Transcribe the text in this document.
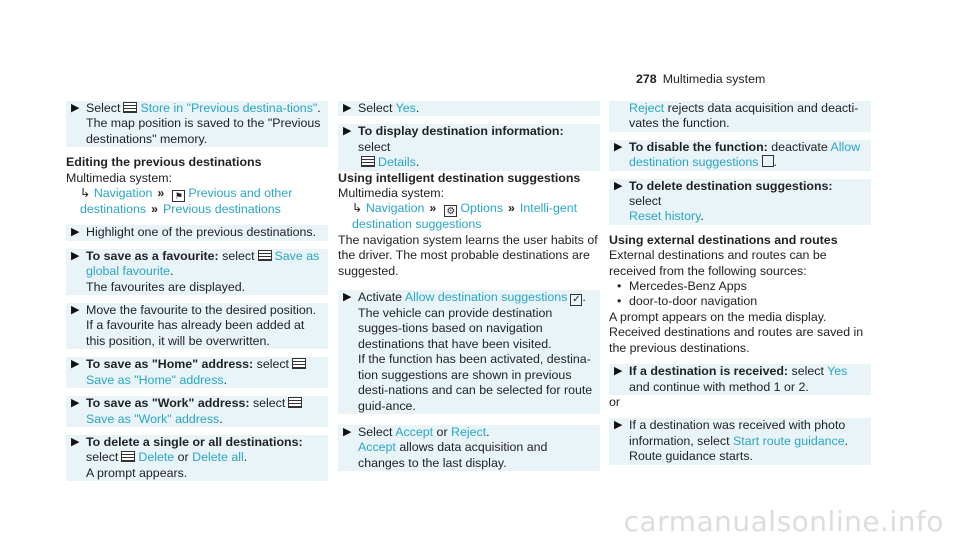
278 Multimedia system
▶ Select Store in "Previous destina-tions".
The map position is saved to the "Previous destinations" memory.
Editing the previous destinations
Multimedia system:
↳ Navigation » ⚑ Previous and other destinations » Previous destinations
▶ Highlight one of the previous destinations.
▶ To save as a favourite: select Save as global favourite.
The favourites are displayed.
▶ Move the favourite to the desired position. If a favourite has already been added at this position, it will be overwritten.
▶ To save as "Home" address: select
Save as "Home" address.
▶ To save as "Work" address: select
Save as "Work" address.
▶ To delete a single or all destinations:
select Delete or Delete all.
A prompt appears.
▶ Select Yes.
▶ To display destination information: select
Details.
Using intelligent destination suggestions
Multimedia system:
↳ Navigation » ⚙ Options » Intelli-gent destination suggestions
The navigation system learns the user habits of the driver. The most probable destinations are suggested.
▶ Activate Allow destination suggestions ✓ .
The vehicle can provide destination sugges-tions based on navigation destinations that have been visited.
If the function has been activated, destina-tion suggestions are shown in previous desti-nations and can be selected for route guid-ance.
▶ Select Accept or Reject.
Accept allows data acquisition and changes to the last display.
Reject rejects data acquisition and deacti-vates the function.
▶ To disable the function: deactivate Allow destination suggestions .
▶ To delete destination suggestions: select
Reset history.
Using external destinations and routes
External destinations and routes can be received from the following sources:
• Mercedes-Benz Apps
• door-to-door navigation
A prompt appears on the media display. Received destinations and routes are saved in the previous destinations.
▶ If a destination is received: select Yes and continue with method 1 or 2.
or
▶ If a destination was received with photo information, select Start route guidance.
Route guidance starts.
carmanualsonline.info
